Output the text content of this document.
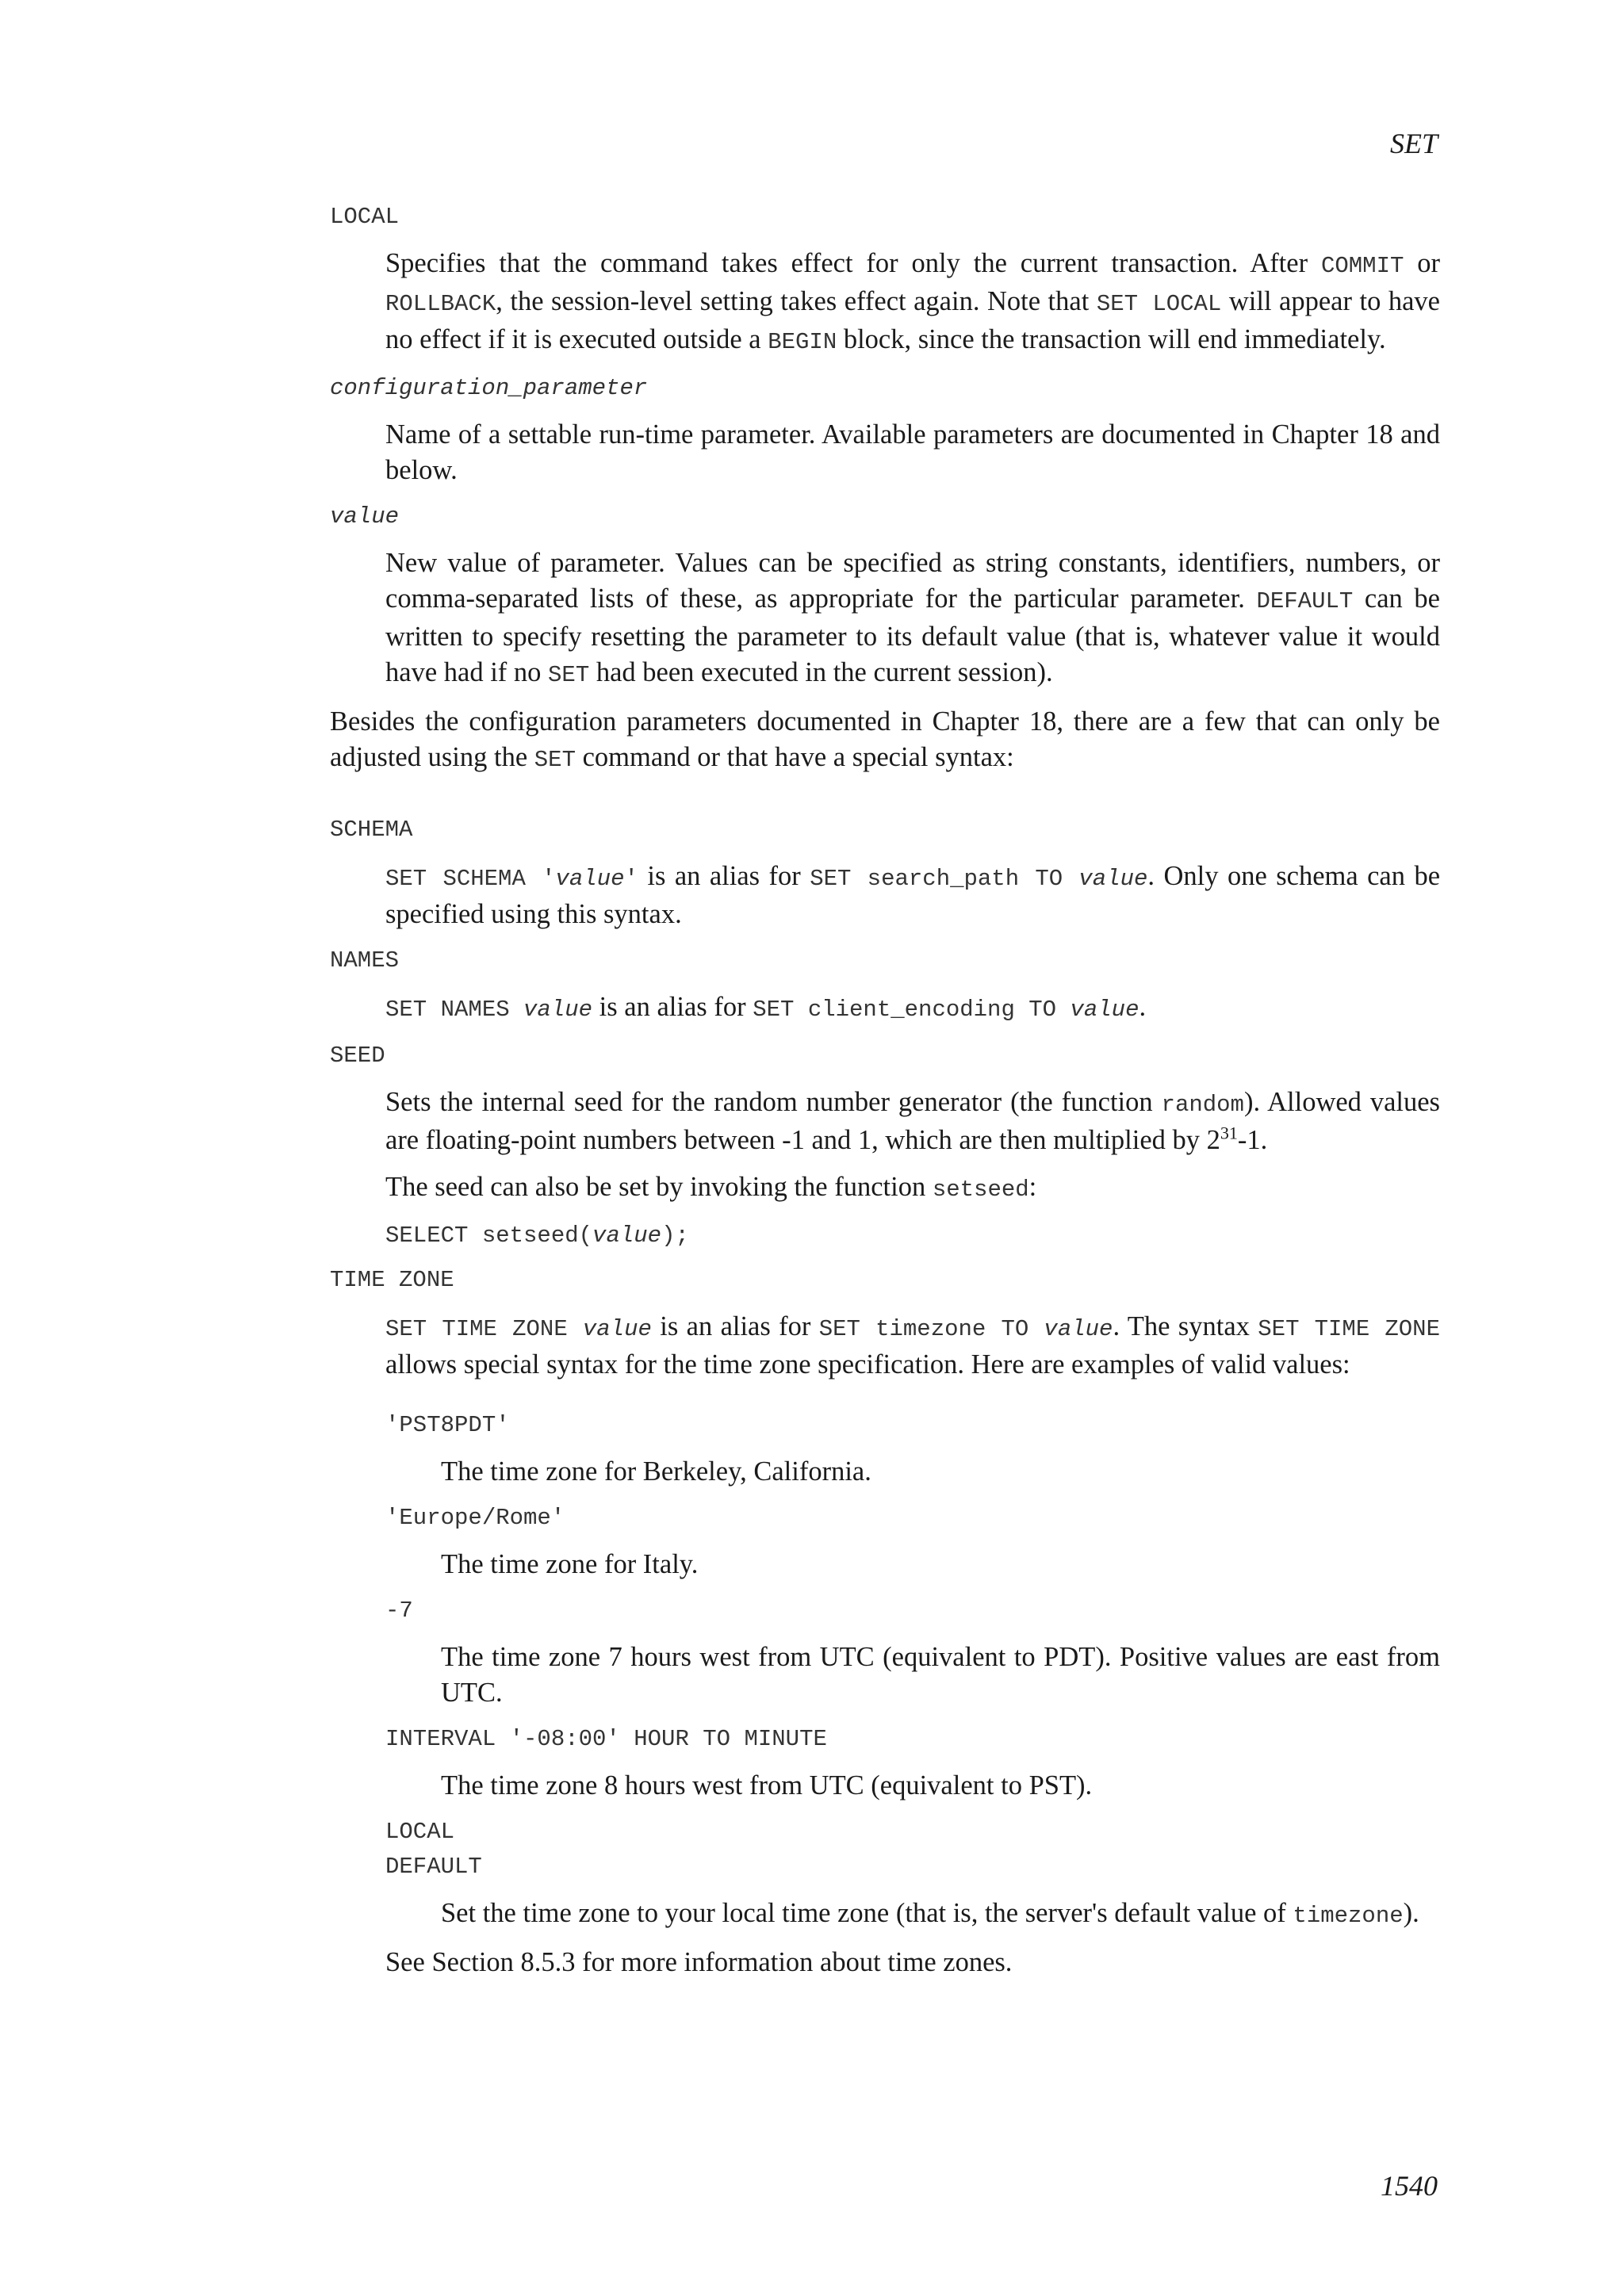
SET

LOCAL

Specifies that the command takes effect for only the current transaction. After COMMIT or ROLLBACK, the session-level setting takes effect again. Note that SET LOCAL will appear to have no effect if it is executed outside a BEGIN block, since the transaction will end immediately.

configuration_parameter

Name of a settable run-time parameter. Available parameters are documented in Chapter 18 and below.

value

New value of parameter. Values can be specified as string constants, identifiers, numbers, or comma-separated lists of these, as appropriate for the particular parameter. DEFAULT can be written to specify resetting the parameter to its default value (that is, whatever value it would have had if no SET had been executed in the current session).

Besides the configuration parameters documented in Chapter 18, there are a few that can only be adjusted using the SET command or that have a special syntax:

SCHEMA

SET SCHEMA 'value' is an alias for SET search_path TO value. Only one schema can be specified using this syntax.

NAMES

SET NAMES value is an alias for SET client_encoding TO value.

SEED

Sets the internal seed for the random number generator (the function random). Allowed values are floating-point numbers between -1 and 1, which are then multiplied by $2^{31}-1$.

The seed can also be set by invoking the function setseed:

SELECT setseed(value);

TIME ZONE

SET TIME ZONE value is an alias for SET timezone TO value. The syntax SET TIME ZONE allows special syntax for the time zone specification. Here are examples of valid values:

'PST8PDT'

The time zone for Berkeley, California.

'Europe/Rome'

The time zone for Italy.

-7

The time zone 7 hours west from UTC (equivalent to PDT). Positive values are east from UTC.

INTERVAL '-08:00' HOUR TO MINUTE

The time zone 8 hours west from UTC (equivalent to PST).

LOCAL

DEFAULT

Set the time zone to your local time zone (that is, the server's default value of timezone).

See Section 8.5.3 for more information about time zones.

1540
